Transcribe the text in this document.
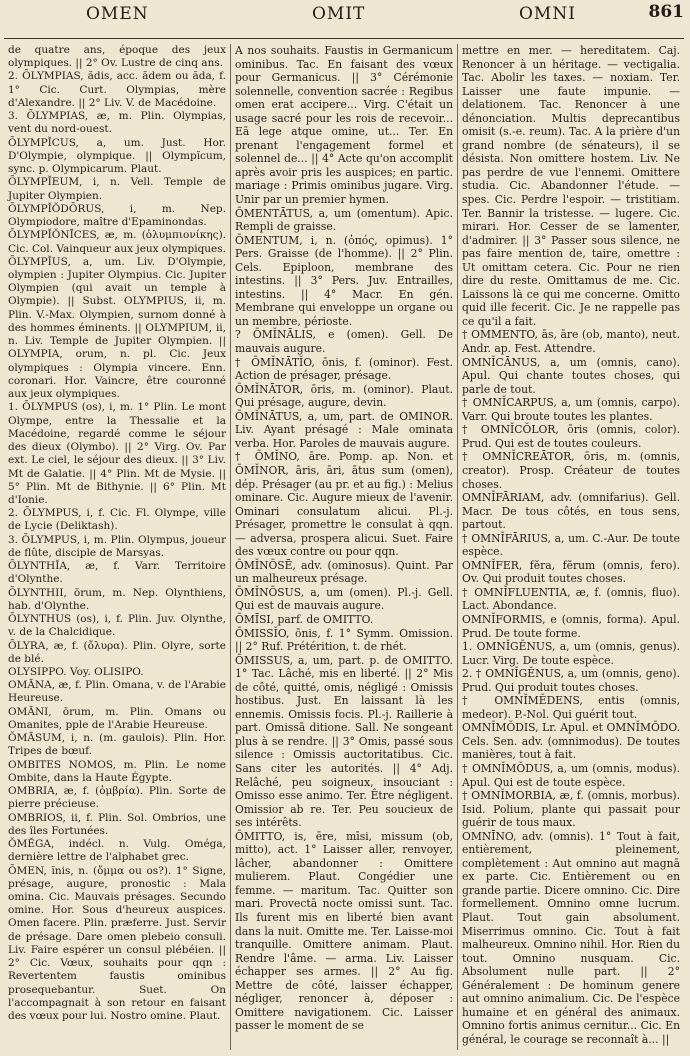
OMEN	OMIT	OMNI	861

de quatre ans, époque des jeux olympiques. || 2° Ov. Lustre de cinq ans.

2. ŌLYMPIAS, ădis, acc. ădem ou ăda, f. 1° Cic. Curt. Olympias, mère d'Alexandre. || 2° Liv. V. de Macédoine.

3. ŌLYMPIAS, æ, m. Plin. Olympias, vent du nord-ouest.

ŌLYMPĬCUS, a, um. Just. Hor. D'Olympie, olympique. || Olympĭcum, sync. p. Olympicarum. Plaut.

ŌLYMPĬEUM, i, n. Vell. Temple de Jupiter Olympien.

ŌLYMPĬŎDŌRUS, i, m. Nep. Olympiodore, maître d'Epaminondas.

ŌLYMPĬŎNĪCES, æ, m. (ὀλυμπιονίκης). Cic. Col. Vainqueur aux jeux olympiques.

ŌLYMPĬUS, a, um. Liv. D'Olympie, olympien : Jupiter Olympius. Cic. Jupiter Olympien (qui avait un temple à Olympie). || Subst. OLYMPIUS, ii, m. Plin. V.-Max. Olympien, surnom donné à des hommes éminents. || OLYMPIUM, ii, n. Liv. Temple de Jupiter Olympien. || OLYMPIA, orum, n. pl. Cic. Jeux olympiques : Olympia vincere. Enn. coronari. Hor. Vaincre, être couronné aux jeux olympiques.

1. ŌLYMPUS (os), i, m. 1° Plin. Le mont Olympe, entre la Thessalie et la Macédoine, regardé comme le séjour des dieux (Olymbo). || 2° Virg. Ov. Par ext. Le ciel, le séjour des dieux. || 3° Liv. Mt de Galatie. || 4° Plin. Mt de Mysie. || 5° Plin. Mt de Bithynie. || 6° Plin. Mt d'Ionie.

2. ŌLYMPUS, i, f. Cic. Fl. Olympe, ville de Lycie (Deliktash).

3. ŌLYMPUS, i, m. Plin. Olympus, joueur de flûte, disciple de Marsyas.

ŌLYNTHĬA, æ, f. Varr. Territoire d'Olynthe.

ŌLYNTHII, ōrum, m. Nep. Olynthiens, hab. d'Olynthe.

ŌLYNTHUS (os), i, f. Plin. Juv. Olynthe, v. de la Chalcidique.

ŌLYRA, æ, f. (ὄλυρα). Plin. Olyre, sorte de blé.

OLYSIPPO. Voy. OLISIPO.

OMĀNA, æ, f. Plin. Omana, v. de l'Arabie Heureuse.

OMĀNI, ōrum, m. Plin. Omans ou Omanites, pple de l'Arabie Heureuse.

ŎMĀSUM, i, n. (m. gaulois). Plin. Hor. Tripes de bœuf.

OMBITES NOMOS, m. Plin. Le nome Ombite, dans la Haute Égypte.

OMBRIA, æ, f. (ὀμβρία). Plin. Sorte de pierre précieuse.

OMBRIOS, ii, f. Plin. Sol. Ombrios, une des îles Fortunées.

ŎMĔGA, indécl. n. Vulg. Oméga, dernière lettre de l'alphabet grec.

ŌMEN, ĭnis, n. (ὄμμα ou os?). 1° Signe, présage, augure, pronostic : Mala omina. Cic. Mauvais présages. Secundo omine. Hor. Sous d'heureux auspices. Omen facere. Plin. præferre. Just. Servir de présage. Dare omen plebeio consuli. Liv. Faire espérer un consul plébéien. || 2° Cic. Vœux, souhaits pour qqn : Revertentem faustis ominibus prosequebantur. Suet. On l'accompagnait à son retour en faisant des vœux pour lui. Nostro omine. Plaut.

A nos souhaits. Faustis in Germanicum ominibus. Tac. En faisant des vœux pour Germanicus. || 3° Cérémonie solennelle, convention sacrée : Regibus omen erat accipere... Virg. C'était un usage sacré pour les rois de recevoir... Eā lege atque omine, ut... Ter. En prenant l'engagement formel et solennel de... || 4° Acte qu'on accomplit après avoir pris les auspices; en partic. mariage : Primis ominibus jugare. Virg. Unir par un premier hymen.

ŌMENTĀTUS, a, um (omentum). Apic. Rempli de graisse.

ŌMENTUM, i, n. (ὀπός, opimus). 1° Pers. Graisse (de l'homme). || 2° Plin. Cels. Epiploon, membrane des intestins. || 3° Pers. Juv. Entrailles, intestins. || 4° Macr. En gén. Membrane qui enveloppe un organe ou un membre, périoste.

? ŌMĬNĀLIS, e (omen). Gell. De mauvais augure.

† ŌMĬNĀTĬO, ōnis, f. (ominor). Fest. Action de présager, présage.

ŌMĬNĀTOR, ōris, m. (ominor). Plaut. Qui présage, augure, devin.

ŌMĬNĀTUS, a, um, part. de OMINOR. Liv. Ayant présagé : Male ominata verba. Hor. Paroles de mauvais augure.

† ŌMĬNO, āre. Pomp. ap. Non. et ŌMĬNOR, āris, āri, ātus sum (omen), dép. Présager (au pr. et au fig.) : Melius ominare. Cic. Augure mieux de l'avenir. Ominari consulatum alicui. Pl.-j. Présager, promettre le consulat à qqn. — adversa, prospera alicui. Suet. Faire des vœux contre ou pour qqn.

ŌMĬNŌSĒ, adv. (ominosus). Quint. Par un malheureux présage.

ŌMĬNŌSUS, a, um (omen). Pl.-j. Gell. Qui est de mauvais augure.

ŌMĪSI, parf. de OMITTO.

ŌMISSĬO, ōnis, f. 1° Symm. Omission. || 2° Ruf. Prétérition, t. de rhét.

ŌMISSUS, a, um, part. p. de OMITTO. 1° Tac. Lâché, mis en liberté. || 2° Mis de côté, quitté, omis, négligé : Omissis hostibus. Just. En laissant là les ennemis. Omissis focis. Pl.-j. Raillerie à part. Omissā ditione. Sall. Ne songeant plus à se rendre. || 3° Omis, passé sous silence : Omissis auctoritatibus. Cic. Sans citer les autorités. || 4° Adj. Relâché, peu soigneux, insouciant : Omisso esse animo. Ter. Être négligent. Omissior ab re. Ter. Peu soucieux de ses intérêts.

ŌMITTO, is, ēre, mīsi, missum (ob, mitto), act. 1° Laisser aller, renvoyer, lâcher, abandonner : Omittere mulierem. Plaut. Congédier une femme. — maritum. Tac. Quitter son mari. Provectā nocte omissi sunt. Tac. Ils furent mis en liberté bien avant dans la nuit. Omitte me. Ter. Laisse-moi tranquille. Omittere animam. Plaut. Rendre l'âme. — arma. Liv. Laisser échapper ses armes. || 2° Au fig. Mettre de côté, laisser échapper, négliger, renoncer à, déposer : Omittere navigationem. Cic. Laisser passer le moment de se

mettre en mer. — hereditatem. Caj. Renoncer à un héritage. — vectigalia. Tac. Abolir les taxes. — noxiam. Ter. Laisser une faute impunie. — delationem. Tac. Renoncer à une dénonciation. Multis deprecantibus omisit (s.-e. reum). Tac. A la prière d'un grand nombre (de sénateurs), il se désista. Non omittere hostem. Liv. Ne pas perdre de vue l'ennemi. Omittere studia. Cic. Abandonner l'étude. — spes. Cic. Perdre l'espoir. — tristitiam. Ter. Bannir la tristesse. — lugere. Cic. mirari. Hor. Cesser de se lamenter, d'admirer. || 3° Passer sous silence, ne pas faire mention de, taire, omettre : Ut omittam cetera. Cic. Pour ne rien dire du reste. Omittamus de me. Cic. Laissons là ce qui me concerne. Omitto quid ille fecerit. Cic. Je ne rappelle pas ce qu'il a fait.

† OMMENTO, ās, āre (ob, manto), neut. Andr. ap. Fest. Attendre.

OMNĬCĀNUS, a, um (omnis, cano). Apul. Qui chante toutes choses, qui parle de tout.

† OMNĬCARPUS, a, um (omnis, carpo). Varr. Qui broute toutes les plantes.

† OMNĬCŎLOR, ōris (omnis, color). Prud. Qui est de toutes couleurs.

† OMNĬCREĀTOR, ōris, m. (omnis, creator). Prosp. Créateur de toutes choses.

OMNĬFĀRIAM, adv. (omnifarius). Gell. Macr. De tous côtés, en tous sens, partout.

† OMNĬFĀRIUS, a, um. C.-Aur. De toute espèce.

OMNĬFER, fĕra, fĕrum (omnis, fero). Ov. Qui produit toutes choses.

† OMNĬFLUENTIA, æ, f. (omnis, fluo). Lact. Abondance.

OMNĬFORMIS, e (omnis, forma). Apul. Prud. De toute forme.

1. OMNĬGĔNUS, a, um (omnis, genus). Lucr. Virg. De toute espèce.

2. † OMNĬGĔNUS, a, um (omnis, geno). Prud. Qui produit toutes choses.

† OMNĬMĔDENS, entis (omnis, medeor). P.-Nol. Qui guérit tout.

OMNĬMŎDIS, Lr. Apul. et OMNĬMŎDO. Cels. Sen. adv. (omnimodus). De toutes manières, tout à fait.

† OMNĬMŎDUS, a, um (omnis, modus). Apul. Qui est de toute espèce.

† OMNĬMORBIA, æ, f. (omnis, morbus). Isid. Polium, plante qui passait pour guérir de tous maux.

OMNĪNO, adv. (omnis). 1° Tout à fait, entièrement, pleinement, complètement : Aut omnino aut magnā ex parte. Cic. Entièrement ou en grande partie. Dicere omnino. Cic. Dire formellement. Omnino omne lucrum. Plaut. Tout gain absolument. Miserrimus omnino. Cic. Tout à fait malheureux. Omnino nihil. Hor. Rien du tout. Omnino nusquam. Cic. Absolument nulle part. || 2° Généralement : De hominum genere aut omnino animalium. Cic. De l'espèce humaine et en général des animaux. Omnino fortis animus cernitur... Cic. En général, le courage se reconnaît à... ||
